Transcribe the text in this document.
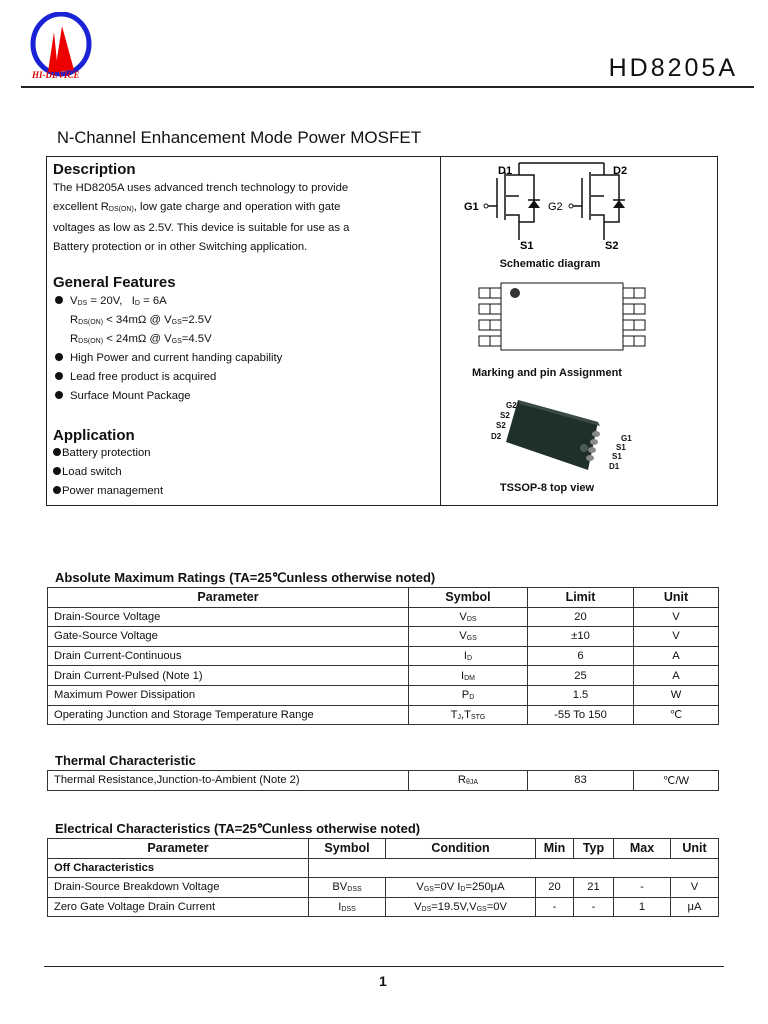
HI-DEVICE	HD8205A
N-Channel Enhancement Mode Power MOSFET
Description
The HD8205A uses advanced trench technology to provide
excellent $R_{DS(ON)}$, low gate charge and operation with gate
voltages as low as 2.5V. This device is suitable for use as a
Battery protection or in other Switching application.
General Features
$V_{DS} = 20V$,   $I_D = 6A$
$R_{DS(ON)} < 34m\Omega$ @ $V_{GS}=2.5V$
$R_{DS(ON)} < 24m\Omega$ @ $V_{GS}=4.5V$
High Power and current handing capability
Lead free product is acquired
Surface Mount Package
Application
Battery protection
Load switch
Power management
D1	D2
G1	G2
S1	S2
Schematic diagram
Marking and pin Assignment
G2
S2
S2
D2	G1
S1
S1
D1
TSSOP-8 top view
Absolute Maximum Ratings (TA=25℃unless otherwise noted)
Parameter	Symbol	Limit	Unit
Drain-Source Voltage	$V_{DS}$	20	V
Gate-Source Voltage	$V_{GS}$	±10	V
Drain Current-Continuous	$I_D$	6	A
Drain Current-Pulsed (Note 1)	$I_{DM}$	25	A
Maximum Power Dissipation	$P_D$	1.5	W
Operating Junction and Storage Temperature Range	$T_J,T_{STG}$	-55 To 150	℃
Thermal Characteristic
Thermal Resistance,Junction-to-Ambient (Note 2)	$R_{\theta JA}$	83	℃/W
Electrical Characteristics (TA=25℃unless otherwise noted)
Parameter	Symbol	Condition	Min	Typ	Max	Unit
Off Characteristics						
Drain-Source Breakdown Voltage	$BV_{DSS}$	$V_{GS}=0V$ $I_D=250\mu A$	20	21	-	V
Zero Gate Voltage Drain Current	$I_{DSS}$	$V_{DS}=19.5V,V_{GS}=0V$	-	-	1	μA
1
